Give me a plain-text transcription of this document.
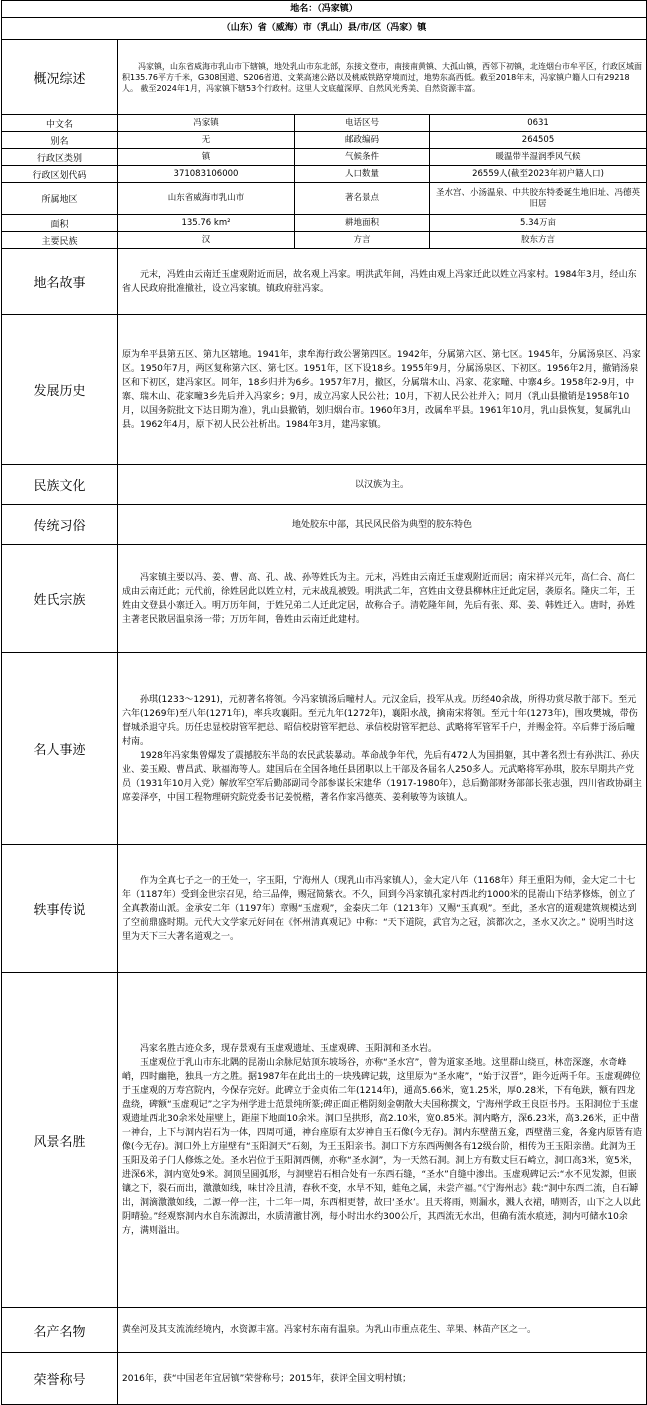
地名：（冯家镇）			
（山东）省（威海）市（乳山）县/市/区（冯家）镇			
概况综述	冯家镇，山东省威海市乳山市下辖镇，地处乳山市东北部，东接文登市，南接南黄镇、大孤山镇，西邻下初镇，北连烟台市牟平区，行政区域面积135.76平方千米，G308国道、S206省道、文莱高速公路以及桃威铁路穿境而过，地势东高西低。截至2018年末，冯家镇户籍人口有29218人。 截至2024年1月，冯家镇下辖53个行政村。这里人文底蕴深厚、自然风光秀美、自然资源丰富。		
中文名	冯家镇	电话区号	0631
别名	无	邮政编码	264505
行政区类别	镇	气候条件	暖温带半湿润季风气候
行政区划代码	371083106000	人口数量	26559人(截至2023年初户籍人口)
所属地区	山东省威海市乳山市	著名景点	圣水宫、小汤温泉、中共胶东特委诞生地旧址、冯德英旧居
面积	135.76 km²	耕地面积	5.34万亩
主要民族	汉	方言	胶东方言
地名故事	元末，冯姓由云南迁玉虚观附近而居，故名观上冯家。明洪武年间，冯姓由观上冯家迁此以姓立冯家村。1984年3月，经山东省人民政府批准撤社，设立冯家镇。镇政府驻冯家。		
发展历史	原为牟平县第五区、第九区辖地。1941年，隶牟海行政公署第四区。1942年，分属第六区、第七区。1945年，分属汤泉区、冯家区。1950年7月，两区复称第六区、第七区。1951年，区下设18乡。1955年9月，分属汤泉区、下初区。1956年2月，撤销汤泉区和下初区，建冯家区。同年，18乡归并为6乡。1957年7月，撤区，分属瑞木山、冯家、花家疃、中寨4乡。1958年2-9月，中寨、瑞木山、花家疃3乡先后并入冯家乡；9月，成立冯家人民公社；10月，下初人民公社并入；同月（乳山县撤销是1958年10月，以国务院批文下达日期为准），乳山县撤销，划归烟台市。1960年3月，改属牟平县。1961年10月，乳山县恢复，复属乳山县。1962年4月，原下初人民公社析出。1984年3月，建冯家镇。		
民族文化	以汉族为主。		
传统习俗	地处胶东中部，其民风民俗为典型的胶东特色		
姓氏宗族	冯家镇主要以冯、姜、曹、高、孔、战、孙等姓氏为主。元末，冯姓由云南迁玉虚观附近而居；南宋祥兴元年，高仁合、高仁成由云南迁此；元代前，徐姓居此以姓立村，元末战乱被毁。明洪武二年，宫姓由文登县柳林庄迁此定居，袭原名。隆庆二年，王姓由文登县小寨迁入。明万历年间，于姓兄弟二人迁此定居，故称合子。清乾隆年间，先后有张、郑、姜、韩姓迁入。唐时，孙姓主著老民散居温泉汤一带；万历年间，鲁姓由云南迁此建村。		
名人事迹	孙琪(1233～1291)，元初著名将领。今冯家镇汤后疃村人。元汉金后，投军从戎。历经40余战，所得功赏尽散于部下。至元六年(1269年)至八年(1271年)，率兵攻襄阳。至元九年(1272年)，襄阳水战，擒南宋将领。至元十年(1273年)，围攻樊城，带伤督城杀退守兵。历任忠显校尉管军把总、昭信校尉管军把总、承信校尉管军把总、武略将军管军千户，并赐金符。卒后葬于汤后疃村南。
1928年冯家集曾爆发了震撼胶东半岛的农民武装暴动。革命战争年代，先后有472人为国捐躯，其中著名烈士有孙洪江、孙庆业、姜玉殿、曹昌武、耿福海等人。建国后在全国各地任县团职以上干部及各届名人250多人。元武略将军孙琪，胶东早期共产党员（1931年10月入党）解放军空军后勤部副司令部参谋长宋建华（1917-1980年），总后勤部财务部部长张志强，四川省政协副主席姜泽亭，中国工程物理研究院党委书记姜悦楷，著名作家冯德英、姜利敏等为该镇人。		

轶事传说	作为全真七子之一的王处一，字玉阳，宁海州人（现乳山市冯家镇人），金大定八年（1168年）拜王重阳为师，金大定二十七年（1187年）受到金世宗召见，给三品俸，赐冠简紫衣。不久，回到今冯家镇孔家村西北约1000米的昆嵛山下结茅修炼，创立了全真教嵛山派。金承安二年（1197年）章赐“玉虚观”，金泰庆二年（1213年）又赐“玉真观”。至此，圣水宫的道观建筑规模达到了空前鼎盛时期。元代大文学家元好问在《怀州清真观记》中称：“天下道院，武官为之冠，滨都次之，圣水又次之。” 说明当时这里为天下三大著名道观之一。		
风景名胜	冯家名胜古迹众多，现存景观有玉虚观遗址、玉虚观碑、玉阳洞和圣水岩。
玉虚观位于乳山市东北隅的昆嵛山余脉尼姑顶东坡场谷，亦称“圣水宫”，曾为道家圣地。这里群山绕亘，林峦深邃，水奇峰峭，四时幽艳，独具一方之胜。据1987年在此出土的一块残碑记载，这里原为“圣水庵”，“始于汉晋”，距今近两千年。玉虚观碑位于玉虚观的万寿宫院内，今保存完好。此碑立于金贞佑二年(1214年)，通高5.66米，宽1.25米，厚0.28米，下有龟趺，额有四龙盘绕，碑额“玉虚观记”之字为州学进士范景纯所篆;碑正面正楷阴刻金朝散大夫国称撰文，宁海州学政王良臣书丹。玉阳洞位于玉虚观遗址西北30余米处崖壁上，距崖下地面10余米。洞口呈拱形，高2.10米，宽0.85米。洞内略方，深6.23米，高3.26米，正中凿一神台，上下与洞内岩石为一体，四周可通，神台座原有太岁神自玉石像(今无存)。洞内东壁凿五龛，西壁凿三龛，各龛内原皆有造像(今无存)。洞口外上方崖壁有“玉阳洞天”石刻，为王玉阳亲书。洞口下方东西两侧各有12级台阶，相传为王玉阳亲凿。此洞为王玉阳及弟子门人修炼之处。圣水岩位于玉阳洞西侧，亦称“圣水洞”，为一天然石洞。洞上方有数丈巨石崎立，洞口高3米，宽5米，进深6米，洞内宽处9米。洞顶呈圆弧形，与洞壁岩石相合处有一东西石缝，“圣水”自缝中渗出。玉虚观碑记云:“水不见发源，但嵌镶之下，裂石而出，激激如线，味甘冷且清，春秋不变，水旱不知，蛙龟之属，未尝产福。”《宁海州志》载:“洞中东西二流，自石罅出，洞滴激激如线，二源一停一注，十二年一周，东西相更替，故曰‘圣水’。且天将雨，则漏水，溅人衣裙，晴则否，山下之人以此阴晴验。”经观察洞内水自东流源出，水质清澈甘冽，每小时出水约300公斤，其西流无水出，但确有流水痕迹，洞内可储水10余方，满则溢出。		

名产名物	黄垒河及其支流流经境内，水资源丰富。冯家村东南有温泉。为乳山市重点花生、苹果、林苗产区之一。		
荣誉称号	2016年，获“中国老年宜居镇”荣誉称号；2015年，获评全国文明村镇；		
